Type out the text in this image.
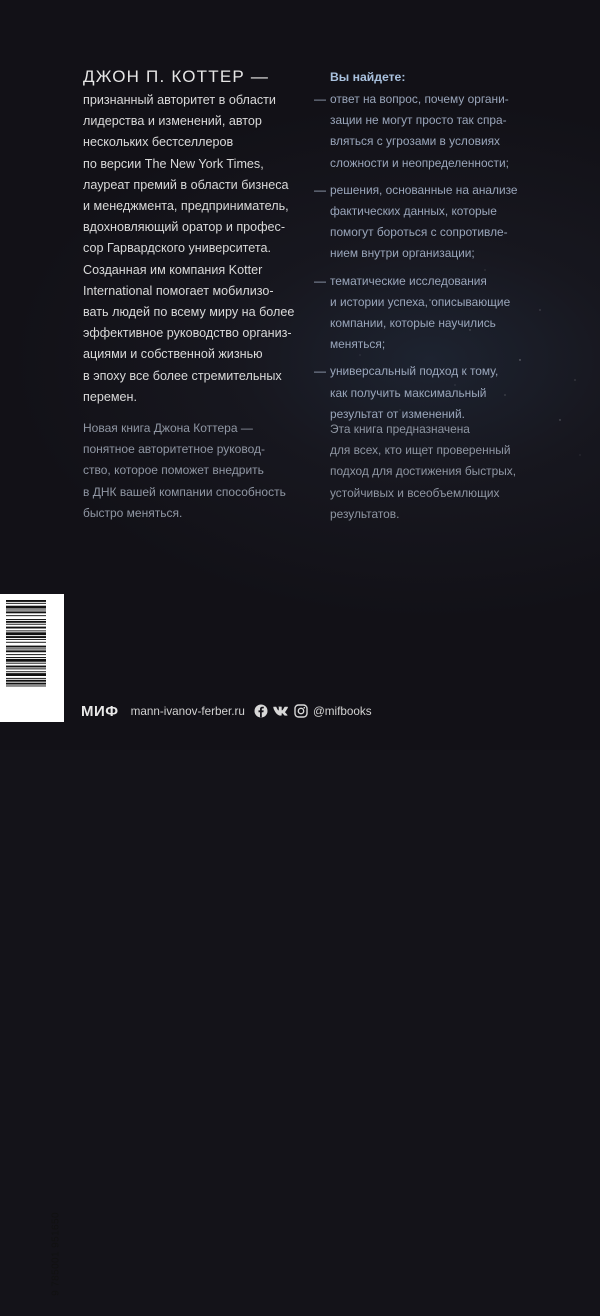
ДЖОН П. КОТТЕР —
признанный авторитет в области
лидерства и изменений, автор
нескольких бестселлеров
по версии The New York Times,
лауреат премий в области бизнеса
и менеджмента, предприниматель,
вдохновляющий оратор и профес-
сор Гарвардского университета.
Созданная им компания Kotter
International помогает мобилизо-
вать людей по всему миру на более
эффективное руководство организ-
ациями и собственной жизнью
в эпоху все более стремительных
перемен.
Новая книга Джона Коттера —
понятное авторитетное руковод-
ство, которое поможет внедрить
в ДНК вашей компании способность
быстро меняться.
Вы найдете:
— ответ на вопрос, почему органи-
зации не могут просто так спра-
вляться с угрозами в условиях
сложности и неопределенности;
— решения, основанные на анализе
фактических данных, которые
помогут бороться с сопротивле-
нием внутри организации;
— тематические исследования
и истории успеха, описывающие
компании, которые научились
меняться;
— универсальный подход к тому,
как получить максимальный
результат от изменений.
Эта книга предназначена
для всех, кто ищет проверенный
подход для достижения быстрых,
устойчивых и всеобъемлющих
результатов.
9 785001 951650
МИФ mann-ivanov-ferber.ru	@mifbooks
